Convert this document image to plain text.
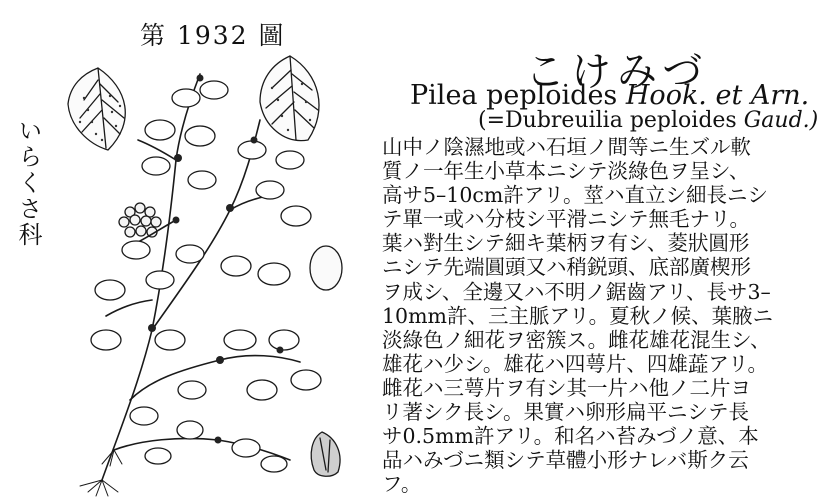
第 1932 圖
いらくさ科
こけみづ
Pilea peploides Hook. et Arn.
(=Dubreuilia peploides Gaud.)
山中ノ陰濕地或ハ石垣ノ間等ニ生ズル軟
質ノ一年生小草本ニシテ淡綠色ヲ呈シ、
高サ5–10cm許アリ。莖ハ直立シ細長ニシ
テ單一或ハ分枝シ平滑ニシテ無毛ナリ。
葉ハ對生シテ細キ葉柄ヲ有シ、菱狀圓形
ニシテ先端圓頭又ハ稍鋭頭、底部廣楔形
ヲ成シ、全邊又ハ不明ノ鋸齒アリ、長サ3–
10mm許、三主脈アリ。夏秋ノ候、葉腋ニ
淡綠色ノ細花ヲ密簇ス。雌花雄花混生シ、
雄花ハ少シ。雄花ハ四萼片、四雄蕋アリ。
雌花ハ三萼片ヲ有シ其一片ハ他ノ二片ヨ
リ著シク長シ。果實ハ卵形扁平ニシテ長
サ0.5mm許アリ。和名ハ苔みづノ意、本
品ハみづニ類シテ草體小形ナレバ斯ク云
フ。
